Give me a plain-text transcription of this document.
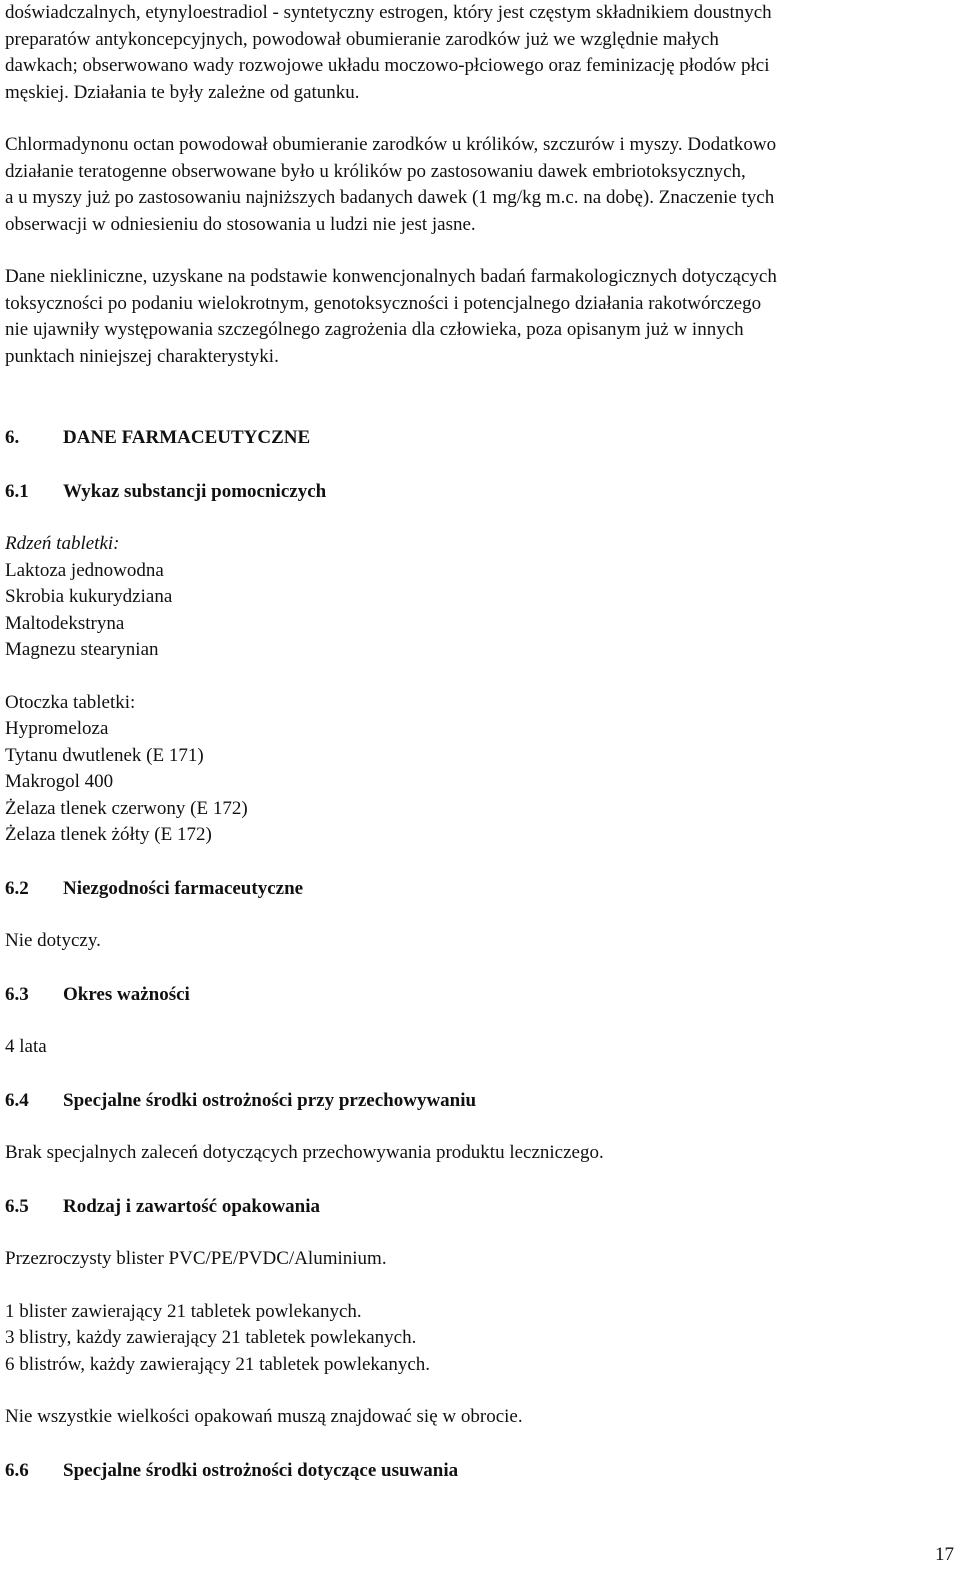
doświadczalnych, etynyloestradiol - syntetyczny estrogen, który jest częstym składnikiem doustnych
preparatów antykoncepcyjnych, powodował obumieranie zarodków już we względnie małych
dawkach; obserwowano wady rozwojowe układu moczowo-płciowego oraz feminizację płodów płci
męskiej. Działania te były zależne od gatunku.

Chlormadynonu octan powodował obumieranie zarodków u królików, szczurów i myszy. Dodatkowo
działanie teratogenne obserwowane było u królików po zastosowaniu dawek embriotoksycznych,
a u myszy już po zastosowaniu najniższych badanych dawek (1 mg/kg m.c. na dobę). Znaczenie tych
obserwacji w odniesieniu do stosowania u ludzi nie jest jasne.

Dane niekliniczne, uzyskane na podstawie konwencjonalnych badań farmakologicznych dotyczących
toksyczności po podaniu wielokrotnym, genotoksyczności i potencjalnego działania rakotwórczego
nie ujawniły występowania szczególnego zagrożenia dla człowieka, poza opisanym już w innych
punktach niniejszej charakterystyki.

6.	DANE FARMACEUTYCZNE
6.1	Wykaz substancji pomocniczych

Rdzeń tabletki:

Laktoza jednowodna
Skrobia kukurydziana
Maltodekstryna
Magnezu stearynian

Otoczka tabletki:

Hypromeloza
Tytanu dwutlenek (E 171)
Makrogol 400
Żelaza tlenek czerwony (E 172)
Żelaza tlenek żółty (E 172)
6.2	Niezgodności farmaceutyczne

Nie dotyczy.

6.3	Okres ważności

4 lata

6.4	Specjalne środki ostrożności przy przechowywaniu

Brak specjalnych zaleceń dotyczących przechowywania produktu leczniczego.

6.5	Rodzaj i zawartość opakowania

Przezroczysty blister PVC/PE/PVDC/Aluminium.

1 blister zawierający 21 tabletek powlekanych.

3 blistry, każdy zawierający 21 tabletek powlekanych.
6 blistrów, każdy zawierający 21 tabletek powlekanych.

Nie wszystkie wielkości opakowań muszą znajdować się w obrocie.

6.6	Specjalne środki ostrożności dotyczące usuwania
17
